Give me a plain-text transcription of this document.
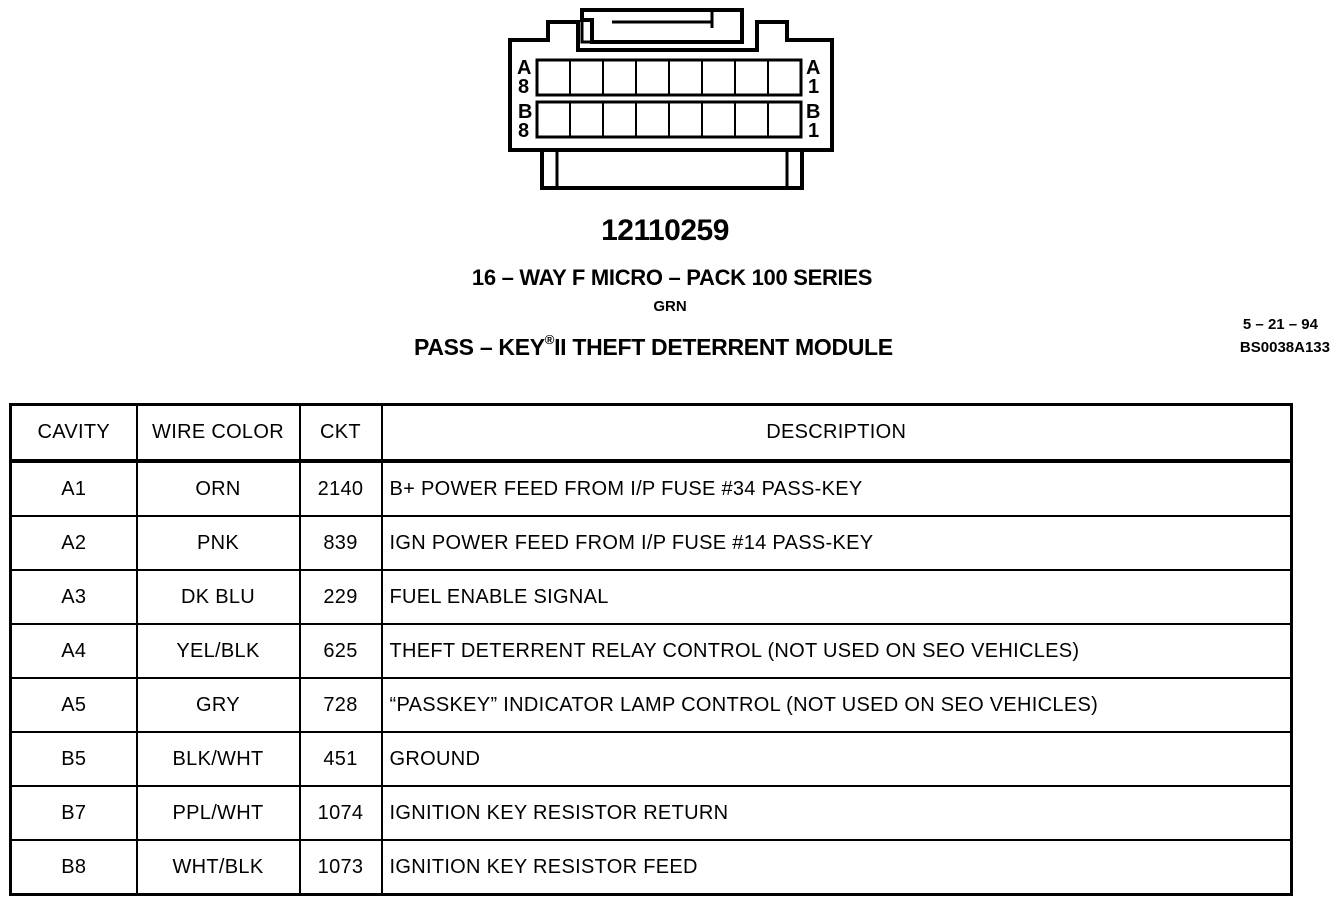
A
8
A
1
B
8
B
1
12110259
16 – WAY F MICRO – PACK 100 SERIES
GRN
PASS – KEY®II THEFT DETERRENT MODULE
5 – 21 – 94
BS0038A133
CAVITY	WIRE COLOR	CKT	DESCRIPTION
A1	ORN	2140	B+ POWER FEED FROM I/P FUSE #34 PASS-KEY
A2	PNK	839	IGN POWER FEED FROM I/P FUSE #14 PASS-KEY
A3	DK BLU	229	FUEL ENABLE SIGNAL
A4	YEL/BLK	625	THEFT DETERRENT RELAY CONTROL (NOT USED ON SEO VEHICLES)
A5	GRY	728	“PASSKEY” INDICATOR LAMP CONTROL (NOT USED ON SEO VEHICLES)
B5	BLK/WHT	451	GROUND
B7	PPL/WHT	1074	IGNITION KEY RESISTOR RETURN
B8	WHT/BLK	1073	IGNITION KEY RESISTOR FEED
